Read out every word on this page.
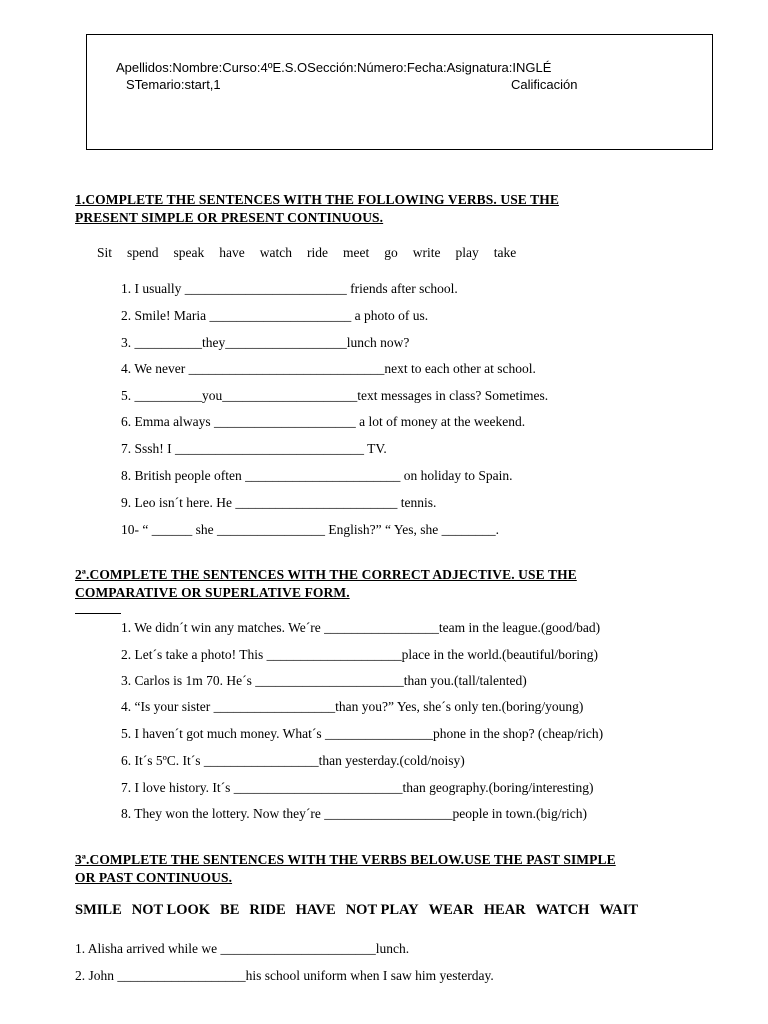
Apellidos:Nombre:Curso:4ºE.S.OSección:Número:Fecha:Asignatura:INGLÉ
STemario:start,1	Calificación
1.COMPLETE THE SENTENCES WITH THE FOLLOWING VERBS. USE THE
PRESENT SIMPLE OR PRESENT CONTINUOUS.
Sit spend speak have watch ride meet go write play take
1. I usually ________________________ friends after school.
2. Smile! Maria _____________________ a photo of us.
3. __________they__________________lunch now?
4. We never _____________________________next to each other at school.
5. __________you____________________text messages in class? Sometimes.
6. Emma always _____________________ a lot of money at the weekend.
7. Sssh! I ____________________________ TV.
8. British people often _______________________ on holiday to Spain.
9. Leo isn´t here. He ________________________ tennis.
10- “ ______ she ________________ English?” “ Yes, she ________.
2ª.COMPLETE THE SENTENCES WITH THE CORRECT ADJECTIVE. USE THE
COMPARATIVE OR SUPERLATIVE FORM.
1. We didn´t win any matches. We´re _________________team in the league.(good/bad)
2. Let´s take a photo! This ____________________place in the world.(beautiful/boring)
3. Carlos is 1m 70. He´s ______________________than you.(tall/talented)
4. “Is your sister __________________than you?” Yes, she´s only ten.(boring/young)
5. I haven´t got much money. What´s ________________phone in the shop? (cheap/rich)
6. It´s 5ºC. It´s _________________than yesterday.(cold/noisy)
7. I love history. It´s _________________________than geography.(boring/interesting)
8. They won the lottery. Now they´re ___________________people in town.(big/rich)
3ª.COMPLETE THE SENTENCES WITH THE VERBS BELOW.USE THE PAST SIMPLE
OR PAST CONTINUOUS.
SMILE NOT LOOK BE RIDE HAVE NOT PLAY WEAR HEAR WATCH WAIT
1. Alisha arrived while we _______________________lunch.
2. John ___________________his school uniform when I saw him yesterday.
